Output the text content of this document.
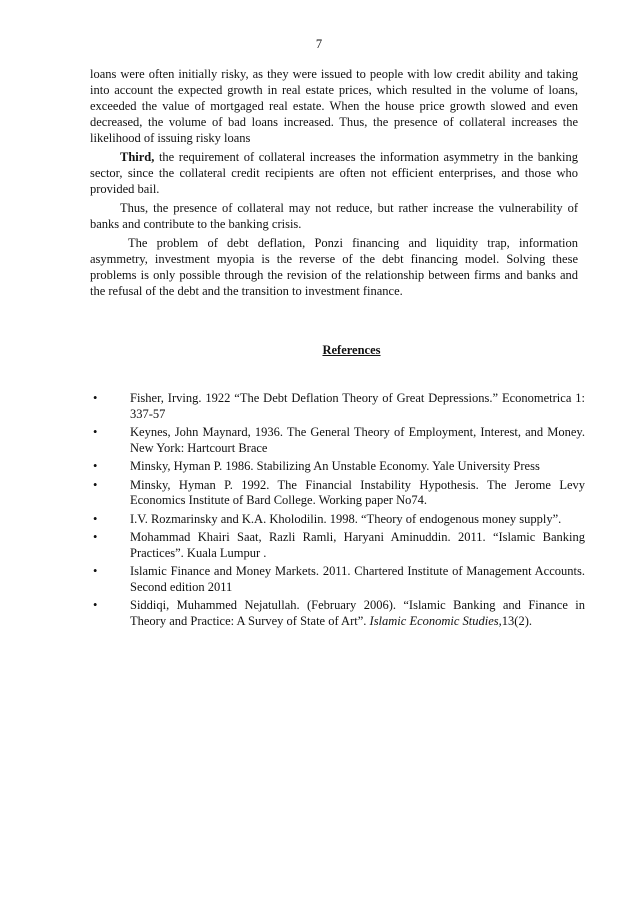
7

loans were often initially risky, as they were issued to people with low credit ability and taking into account the expected growth in real estate prices, which resulted in the volume of loans, exceeded the value of mortgaged real estate. When the house price growth slowed and even decreased, the volume of bad loans increased. Thus, the presence of collateral increases the likelihood of issuing risky loans

Third, the requirement of collateral increases the information asymmetry in the banking sector, since the collateral credit recipients are often not efficient enterprises, and those who provided bail.

Thus, the presence of collateral may not reduce, but rather increase the vulnerability of banks and contribute to the banking crisis.

The problem of debt deflation, Ponzi financing and liquidity trap, information asymmetry, investment myopia is the reverse of the debt financing model. Solving these problems is only possible through the revision of the relationship between firms and banks and the refusal of the debt and the transition to investment finance.

References
•	Fisher, Irving. 1922 “The Debt Deflation Theory of Great Depressions.” Econometrica 1: 337-57
•	Keynes, John Maynard, 1936. The General Theory of Employment, Interest, and Money. New York: Hartcourt Brace
•	Minsky, Hyman P. 1986. Stabilizing An Unstable Economy. Yale University Press
•	Minsky, Hyman P. 1992. The Financial Instability Hypothesis. The Jerome Levy Economics Institute of Bard College. Working paper No74.
•	I.V. Rozmarinsky and K.A. Kholodilin. 1998. “Theory of endogenous money supply”.
•	Mohammad Khairi Saat, Razli Ramli, Haryani Aminuddin. 2011. “Islamic Banking Practices”. Kuala Lumpur .
•	Islamic Finance and Money Markets. 2011. Chartered Institute of Management Accounts. Second edition 2011
•	Siddiqi, Muhammed Nejatullah. (February 2006). “Islamic Banking and Finance in Theory and Practice: A Survey of State of Art”. Islamic Economic Studies,13(2).
